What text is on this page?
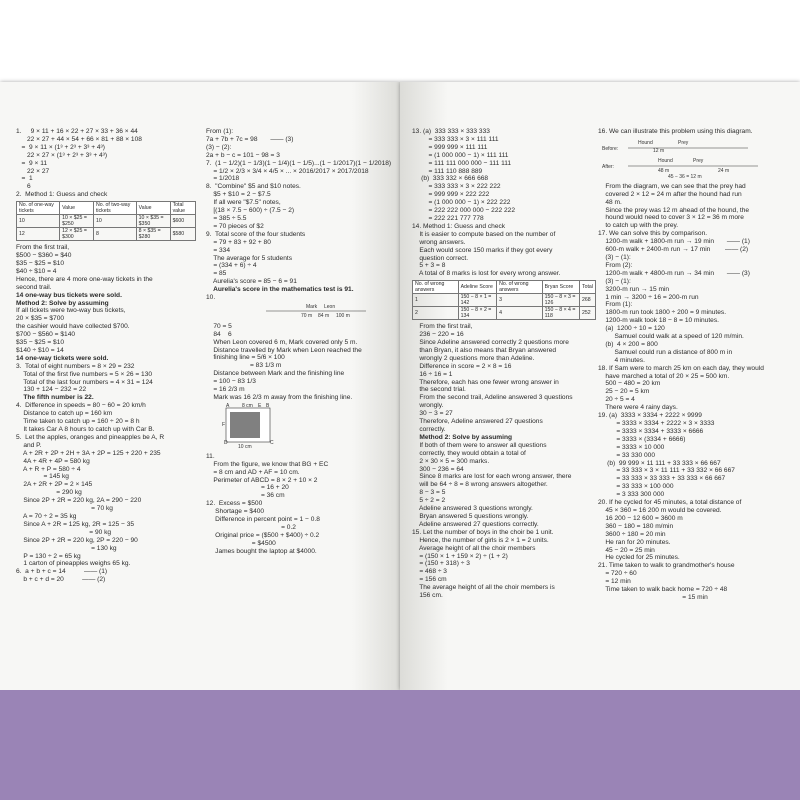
1.     9 × 11 + 16 × 22 + 27 × 33 + 36 × 44

22 × 27 + 44 × 54 + 66 × 81 + 88 × 108

=  9 × 11 × (1³ + 2³ + 3³ + 4³)

22 × 27 × (1³ + 2³ + 3³ + 4³)

=  9 × 11

22 × 27

=  1

6

2.  Method 1: Guess and check

No. of one-way tickets	Value	No. of two-way tickets	Value	Total value
10	10 × $25 = $250	10	10 × $35 = $350	$600
12	12 × $25 = $300	8	8 × $35 = $280	$580

From the first trail,

$500 − $360 = $40

$35 − $25 = $10

$40 ÷ $10 = 4

Hence, there are 4 more one-way tickets in the

second trail.

14 one-way bus tickets were sold.

Method 2: Solve by assuming

If all tickets were two-way bus tickets,

20 × $35 = $700

the cashier would have collected $700.

$700 − $560 = $140

$35 − $25 = $10

$140 ÷ $10 = 14

14 one-way tickets were sold.

3.  Total of eight numbers = 8 × 29 = 232

Total of the first five numbers = 5 × 26 = 130

Total of the last four numbers = 4 × 31 = 124

130 + 124 − 232 = 22

The fifth number is 22.

4.  Difference in speeds = 80 − 60 = 20 km/h

Distance to catch up = 160 km

Time taken to catch up = 160 ÷ 20 = 8 h

It takes Car A 8 hours to catch up with Car B.

5.  Let the apples, oranges and pineapples be A, R

and P.

A + 2R + 2P + 2H + 3A + 2P = 125 + 220 + 235

4A + 4R + 4P = 580 kg

A + R + P = 580 ÷ 4

= 145 kg

2A + 2R + 2P = 2 × 145

= 290 kg

Since 2P + 2R = 220 kg, 2A = 290 − 220

= 70 kg

A = 70 ÷ 2 = 35 kg

Since A + 2R = 125 kg, 2R = 125 − 35

= 90 kg

Since 2P + 2R = 220 kg, 2P = 220 − 90

= 130 kg

P = 130 ÷ 2 = 65 kg

1 carton of pineapples weighs 65 kg.

6.  a + b + c = 14          —— (1)

b + c + d = 20          —— (2)

From (1):

7a + 7b + 7c = 98       —— (3)

(3) − (2):

2a + b − c = 101 − 98 = 3

7.  (1 − 1/2)(1 − 1/3)(1 − 1/4)(1 − 1/5)...(1 − 1/2017)(1 − 1/2018)

= 1/2 × 2/3 × 3/4 × 4/5 × ... × 2016/2017 × 2017/2018

= 1/2018

8.  "Combine" $5 and $10 notes.

$5 + $10 = 2 − $7.5

If all were "$7.5" notes,

[(18 × 7.5 − 600) ÷ (7.5 − 2)

= 385 ÷ 5.5

= 70 pieces of $2

9.  Total score of the four students

= 79 + 83 + 92 + 80

= 334

The average for 5 students

= (334 + 6) ÷ 4

= 85

Aurelia's score = 85 − 6 = 91

Aurelia's score in the mathematics test is 91.

10.

Mark Leon
70 m 84 m 100 m

70 = 5

84    6

When Leon covered 6 m, Mark covered only 5 m.

Distance travelled by Mark when Leon reached the

finishing line = 5/6 × 100

= 83 1/3 m

Distance between Mark and the finishing line

= 100 − 83 1/3

= 16 2/3 m

Mark was 16 2/3 m away from the finishing line.

A	B
E
C
D
F
8 cm
10 cm

11.

From the figure, we know that BG + EC

= 8 cm and AD + AF = 10 cm.

Perimeter of ABCD = 8 × 2 + 10 × 2

= 16 + 20

= 36 cm

12.  Excess = $500

Shortage = $400

Difference in percent point = 1 − 0.8

= 0.2

Original price = ($500 + $400) ÷ 0.2

= $4500

James bought the laptop at $4000.

13. (a)  333 333 × 333 333

= 333 333 × 3 × 111 111

= 999 999 × 111 111

= (1 000 000 − 1) × 111 111

= 111 111 000 000 − 111 111

= 111 110 888 889

(b)  333 332 × 666 668

= 333 333 × 3 × 222 222

= 999 999 × 222 222

= (1 000 000 − 1) × 222 222

= 222 222 000 000 − 222 222

= 222 221 777 778

14. Method 1: Guess and check

It is easier to compute based on the number of

wrong answers.

Each would score 150 marks if they got every

question correct.

5 + 3 = 8

A total of 8 marks is lost for every wrong answer.

No. of wrong answers	Adeline Score	No. of wrong answers	Bryan Score	Total
1	150 − 8 × 1 = 142	3	150 − 8 × 3 = 126	268
2	150 − 8 × 2 = 134	4	150 − 8 × 4 = 118	252

From the first trail,

236 − 220 = 16

Since Adeline answered correctly 2 questions more

than Bryan, it also means that Bryan answered

wrongly 2 questions more than Adeline.

Difference in score = 2 × 8 = 16

16 ÷ 16 = 1

Therefore, each has one fewer wrong answer in

the second trial.

From the second trail, Adeline answered 3 questions

wrongly.

30 − 3 = 27

Therefore, Adeline answered 27 questions

correctly.

Method 2: Solve by assuming

If both of them were to answer all questions

correctly, they would obtain a total of

2 × 30 × 5 = 300 marks.

300 − 236 = 64

Since 8 marks are lost for each wrong answer, there

will be 64 ÷ 8 = 8 wrong answers altogether.

8 − 3 = 5

5 ÷ 2 = 2

Adeline answered 3 questions wrongly.

Bryan answered 5 questions wrongly.

Adeline answered 27 questions correctly.

15. Let the number of boys in the choir be 1 unit.

Hence, the number of girls is 2 × 1 = 2 units.

Average height of all the choir members

= (150 × 1 + 159 × 2) ÷ (1 + 2)

= (150 + 318) ÷ 3

= 468 ÷ 3

= 156 cm

The average height of all the choir members is

156 cm.

16. We can illustrate this problem using this diagram.

Hound	Prey
Before:	12 m
Hound	Prey
After:
48 m	24 m
45 − 36 = 12 m

From the diagram, we can see that the prey had

covered 2 × 12 = 24 m after the hound had run

48 m.

Since the prey was 12 m ahead of the hound, the

hound would need to cover 3 × 12 = 36 m more

to catch up with the prey.

17. We can solve this by comparison.

1200-m walk + 1800-m run → 19 min       —— (1)

600-m walk + 2400-m run → 17 min        —— (2)

(3) − (1):

From (2):

1200-m walk + 4800-m run → 34 min       —— (3)

(3) − (1):

3200-m run → 15 min

1 min → 3200 ÷ 16 = 200-m run

From (1):

1800-m run took 1800 ÷ 200 = 9 minutes.

1200-m walk took 18 − 8 = 10 minutes.

(a)  1200 ÷ 10 = 120

Samuel could walk at a speed of 120 m/min.

(b)  4 × 200 = 800

Samuel could run a distance of 800 m in

4 minutes.

18. If Sam were to march 25 km on each day, they would

have marched a total of 20 × 25 = 500 km.

500 − 480 = 20 km

25 − 20 = 5 km

20 ÷ 5 = 4

There were 4 rainy days.

19. (a)  3333 × 3334 + 2222 × 9999

= 3333 × 3334 + 2222 × 3 × 3333

= 3333 × 3334 + 3333 × 6666

= 3333 × (3334 + 6666)

= 3333 × 10 000

= 33 330 000

(b)  99 999 × 11 111 + 33 333 × 66 667

= 33 333 × 3 × 11 111 + 33 332 × 66 667

= 33 333 × 33 333 + 33 333 × 66 667

= 33 333 × 100 000

= 3 333 300 000

20. If he cycled for 45 minutes, a total distance of

45 × 360 = 16 200 m would be covered.

16 200 − 12 600 = 3600 m

360 − 180 = 180 m/min

3600 ÷ 180 = 20 min

He ran for 20 minutes.

45 − 20 = 25 min

He cycled for 25 minutes.

21. Time taken to walk to grandmother's house

= 720 ÷ 60

= 12 min

Time taken to walk back home = 720 ÷ 48

= 15 min
